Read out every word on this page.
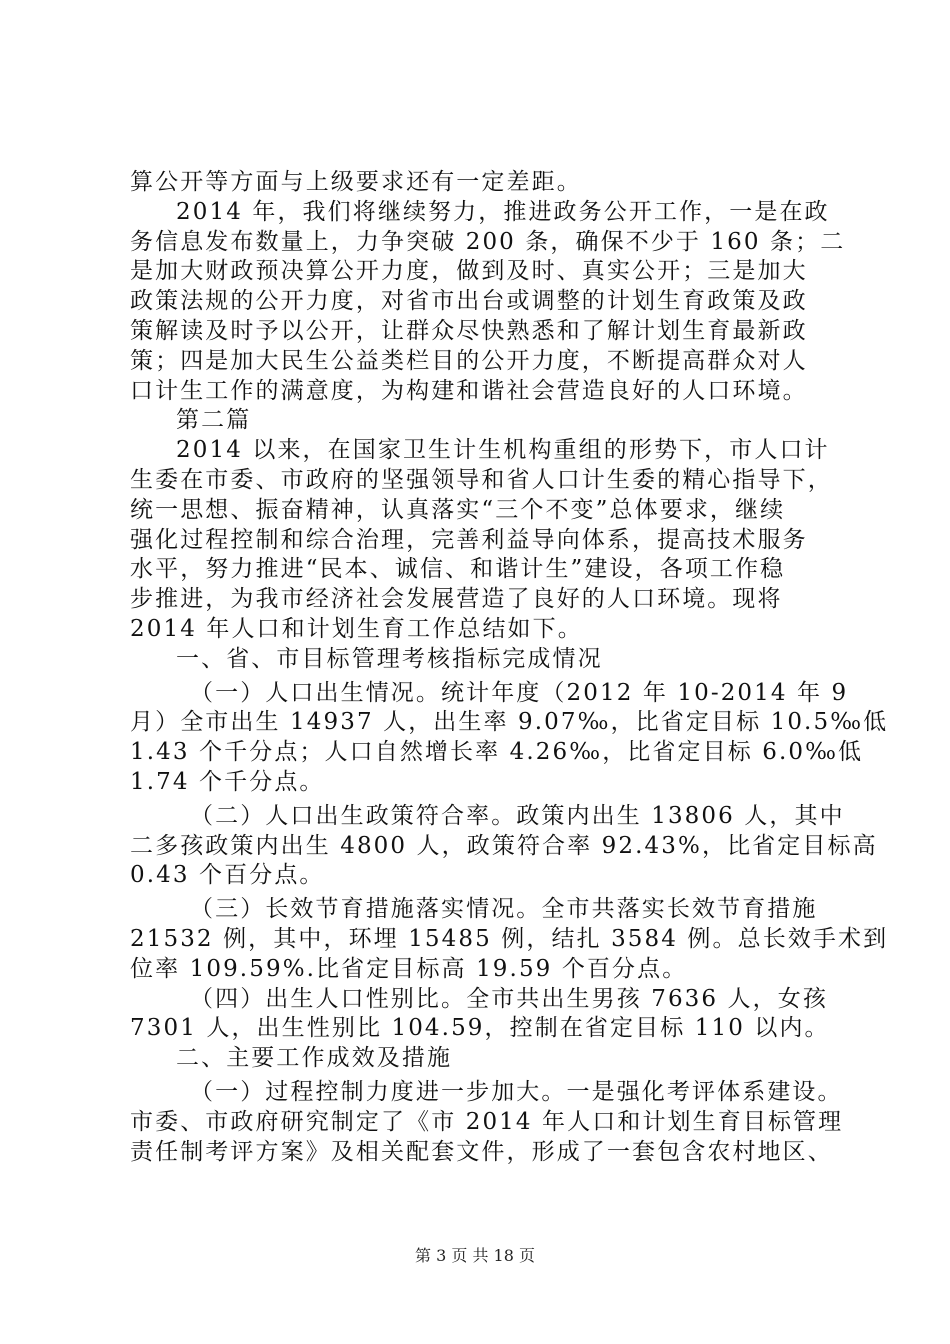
算公开等方面与上级要求还有一定差距。
2014 年，我们将继续努力，推进政务公开工作，一是在政
务信息发布数量上，力争突破 200 条，确保不少于 160 条；二
是加大财政预决算公开力度，做到及时、真实公开；三是加大
政策法规的公开力度，对省市出台或调整的计划生育政策及政
策解读及时予以公开，让群众尽快熟悉和了解计划生育最新政
策；四是加大民生公益类栏目的公开力度，不断提高群众对人
口计生工作的满意度，为构建和谐社会营造良好的人口环境。
第二篇
2014 以来，在国家卫生计生机构重组的形势下，市人口计
生委在市委、市政府的坚强领导和省人口计生委的精心指导下，
统一思想、振奋精神，认真落实“三个不变”总体要求，继续
强化过程控制和综合治理，完善利益导向体系，提高技术服务
水平，努力推进“民本、诚信、和谐计生”建设，各项工作稳
步推进，为我市经济社会发展营造了良好的人口环境。现将
2014 年人口和计划生育工作总结如下。
一、省、市目标管理考核指标完成情况
（一）人口出生情况。统计年度（2012 年 10-2014 年 9
月）全市出生 14937 人，出生率 9.07‰，比省定目标 10.5‰低
1.43 个千分点；人口自然增长率 4.26‰，比省定目标 6.0‰低
1.74 个千分点。
（二）人口出生政策符合率。政策内出生 13806 人，其中
二多孩政策内出生 4800 人，政策符合率 92.43%，比省定目标高
0.43 个百分点。
（三）长效节育措施落实情况。全市共落实长效节育措施
21532 例，其中，环埋 15485 例，结扎 3584 例。总长效手术到
位率 109.59%.比省定目标高 19.59 个百分点。
（四）出生人口性别比。全市共出生男孩 7636 人，女孩
7301 人，出生性别比 104.59，控制在省定目标 110 以内。
二、主要工作成效及措施
（一）过程控制力度进一步加大。一是强化考评体系建设。
市委、市政府研究制定了《市 2014 年人口和计划生育目标管理
责任制考评方案》及相关配套文件，形成了一套包含农村地区、
第 3 页 共 18 页
